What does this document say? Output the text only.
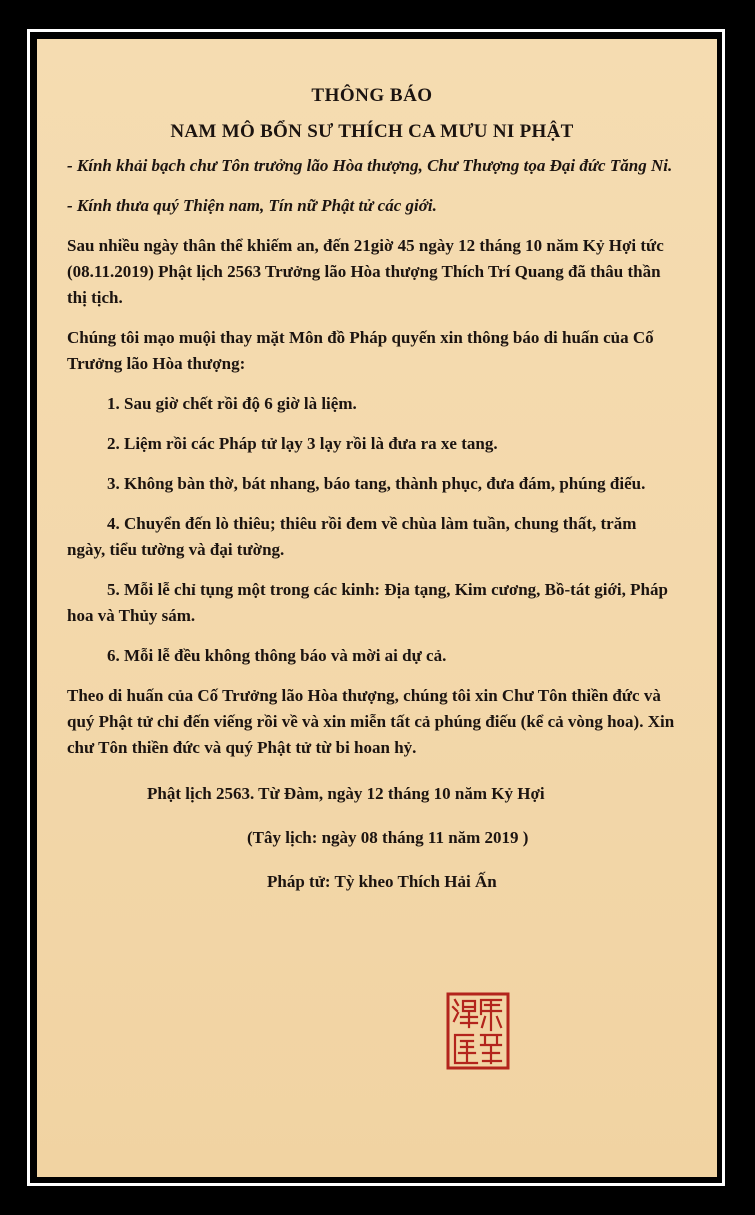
THÔNG BÁO
NAM MÔ BỔN SƯ THÍCH CA MƯU NI PHẬT

- Kính khải bạch chư Tôn trưởng lão Hòa thượng, Chư Thượng tọa Đại đức Tăng Ni.

- Kính thưa quý Thiện nam, Tín nữ Phật tử các giới.

Sau nhiều ngày thân thể khiếm an, đến 21giờ 45 ngày 12 tháng 10 năm Kỷ Hợi tức (08.11.2019) Phật lịch 2563 Trưởng lão Hòa thượng Thích Trí Quang đã thâu thần thị tịch.

Chúng tôi mạo muội thay mặt Môn đồ Pháp quyến xin thông báo di huấn của Cố Trưởng lão Hòa thượng:

1. Sau giờ chết rồi độ 6 giờ là liệm.
2. Liệm rồi các Pháp tử lạy 3 lạy rồi là đưa ra xe tang.
3. Không bàn thờ, bát nhang, báo tang, thành phục, đưa đám, phúng điếu.
4. Chuyển đến lò thiêu; thiêu rồi đem về chùa làm tuần, chung thất, trăm ngày, tiểu tường và đại tường.
5. Mỗi lễ chỉ tụng một trong các kinh: Địa tạng, Kim cương, Bồ-tát giới, Pháp hoa và Thủy sám.
6. Mỗi lễ đều không thông báo và mời ai dự cả.

Theo di huấn của Cố Trưởng lão Hòa thượng, chúng tôi xin Chư Tôn thiền đức và quý Phật tử chỉ đến viếng rồi về và xin miễn tất cả phúng điếu (kể cả vòng hoa). Xin chư Tôn thiền đức và quý Phật tử từ bi hoan hỷ.

Phật lịch 2563. Từ Đàm, ngày 12 tháng 10 năm Kỷ Hợi
(Tây lịch: ngày 08 tháng 11 năm 2019 )
Pháp tử: Tỳ kheo Thích Hải Ấn
